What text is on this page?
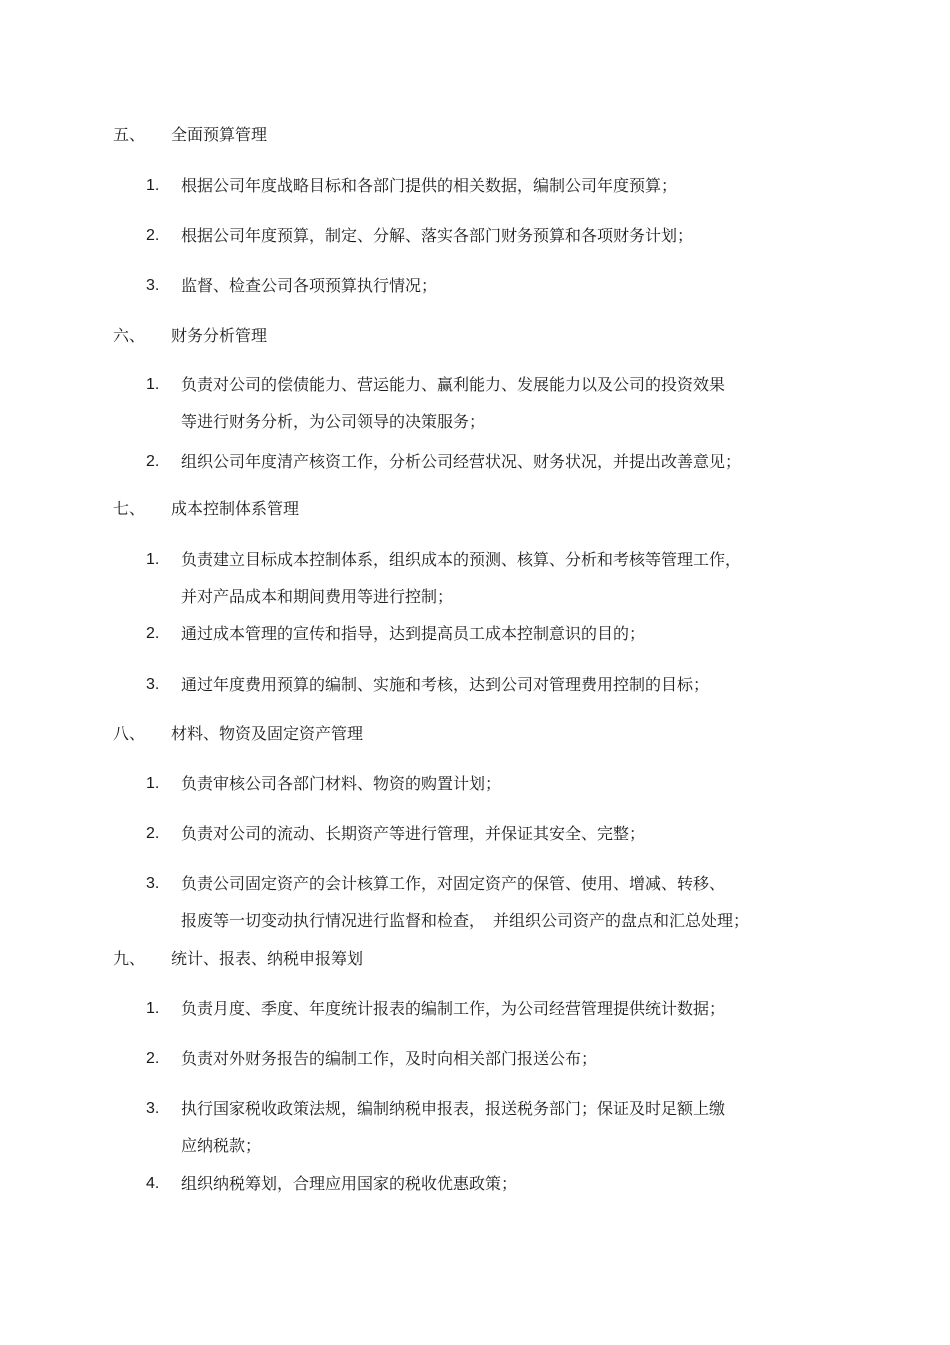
五、 全面预算管理
1. 根据公司年度战略目标和各部门提供的相关数据，编制公司年度预算；
2. 根据公司年度预算，制定、分解、落实各部门财务预算和各项财务计划；
3. 监督、检查公司各项预算执行情况；
六、 财务分析管理
1. 负责对公司的偿债能力、营运能力、赢利能力、发展能力以及公司的投资效果
等进行财务分析，为公司领导的决策服务；
2. 组织公司年度清产核资工作，分析公司经营状况、财务状况，并提出改善意见；
七、 成本控制体系管理
1. 负责建立目标成本控制体系，组织成本的预测、核算、分析和考核等管理工作，
并对产品成本和期间费用等进行控制；
2. 通过成本管理的宣传和指导，达到提高员工成本控制意识的目的；
3. 通过年度费用预算的编制、实施和考核，达到公司对管理费用控制的目标；
八、 材料、物资及固定资产管理
1. 负责审核公司各部门材料、物资的购置计划；
2. 负责对公司的流动、长期资产等进行管理，并保证其安全、完整；
3. 负责公司固定资产的会计核算工作，对固定资产的保管、使用、增减、转移、
报废等一切变动执行情况进行监督和检查，　并组织公司资产的盘点和汇总处理；
九、 统计、报表、纳税申报筹划
1. 负责月度、季度、年度统计报表的编制工作，为公司经营管理提供统计数据；
2. 负责对外财务报告的编制工作，及时向相关部门报送公布；
3. 执行国家税收政策法规，编制纳税申报表，报送税务部门；保证及时足额上缴
应纳税款；
4. 组织纳税筹划，合理应用国家的税收优惠政策；
